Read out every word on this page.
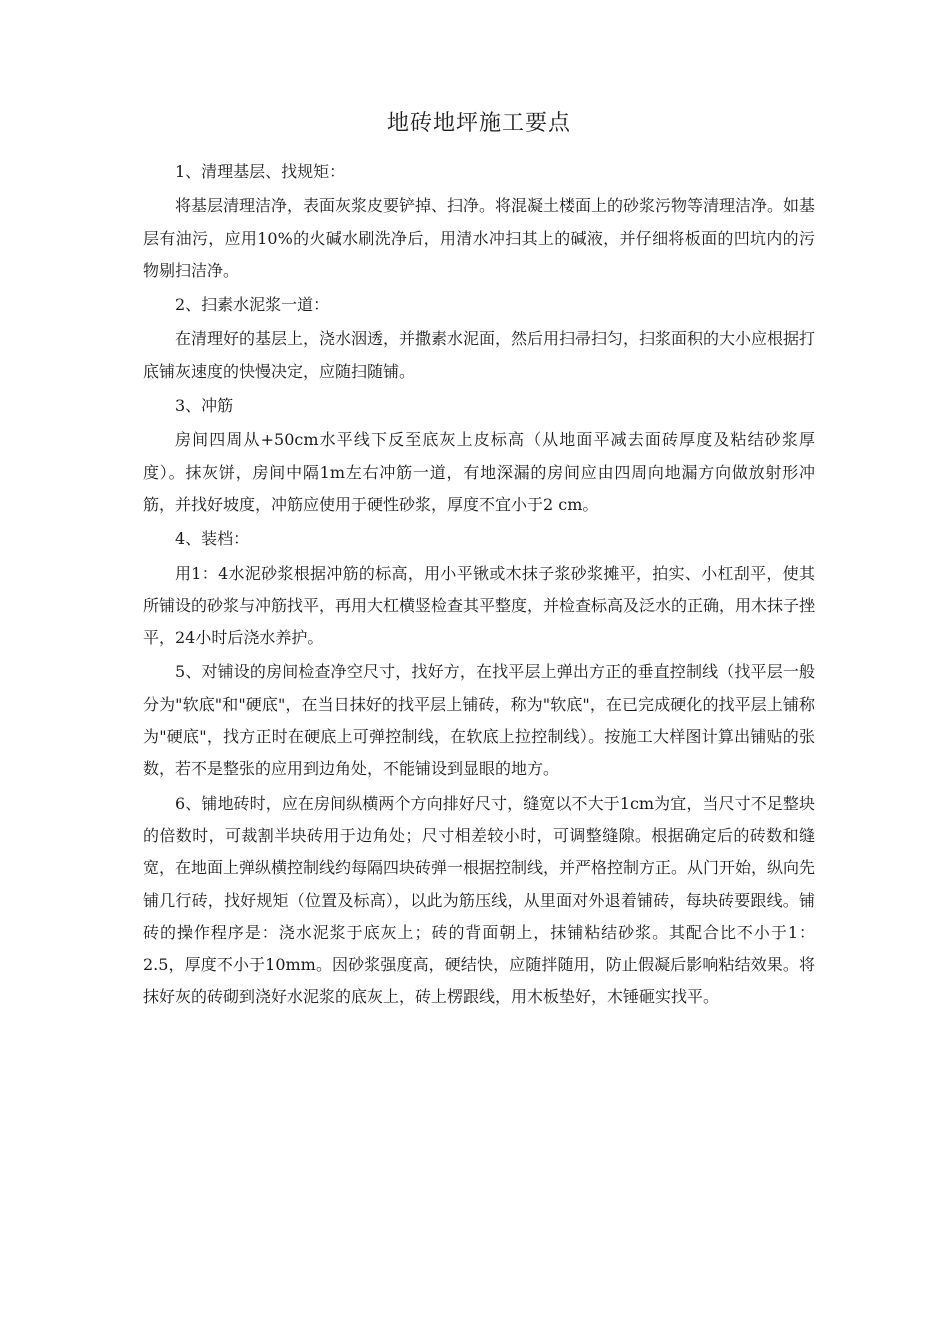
地砖地坪施工要点

1、清理基层、找规矩：

将基层清理洁净，表面灰浆皮要铲掉、扫净。将混凝土楼面上的砂浆污物等清理洁净。如基层有油污，应用10%的火碱水刷洗净后，用清水冲扫其上的碱液，并仔细将板面的凹坑内的污物剔扫洁净。

2、扫素水泥浆一道：

在清理好的基层上，浇水洇透，并撒素水泥面，然后用扫帚扫匀，扫浆面积的大小应根据打底铺灰速度的快慢决定，应随扫随铺。

3、冲筋

房间四周从+50cm水平线下反至底灰上皮标高（从地面平减去面砖厚度及粘结砂浆厚度）。抹灰饼，房间中隔1m左右冲筋一道，有地深漏的房间应由四周向地漏方向做放射形冲筋，并找好坡度，冲筋应使用于硬性砂浆，厚度不宜小于2 cm。

4、装档：

用1：4水泥砂浆根据冲筋的标高，用小平锹或木抹子浆砂浆摊平，拍实、小杠刮平，使其所铺设的砂浆与冲筋找平，再用大杠横竖检查其平整度，并检查标高及泛水的正确，用木抹子挫平，24小时后浇水养护。

5、对铺设的房间检查净空尺寸，找好方，在找平层上弹出方正的垂直控制线（找平层一般分为"软底"和"硬底"，在当日抹好的找平层上铺砖，称为"软底"，在已完成硬化的找平层上铺称为"硬底"，找方正时在硬底上可弹控制线，在软底上拉控制线）。按施工大样图计算出铺贴的张数，若不是整张的应用到边角处，不能铺设到显眼的地方。

6、铺地砖时，应在房间纵横两个方向排好尺寸，缝宽以不大于1cm为宜，当尺寸不足整块的倍数时，可裁割半块砖用于边角处；尺寸相差较小时，可调整缝隙。根据确定后的砖数和缝宽，在地面上弹纵横控制线约每隔四块砖弹一根据控制线，并严格控制方正。从门开始，纵向先铺几行砖，找好规矩（位置及标高），以此为筋压线，从里面对外退着铺砖，每块砖要跟线。铺砖的操作程序是：浇水泥浆于底灰上；砖的背面朝上，抹铺粘结砂浆。其配合比不小于1： 2.5，厚度不小于10mm。因砂浆强度高，硬结快，应随拌随用，防止假凝后影响粘结效果。将抹好灰的砖砌到浇好水泥浆的底灰上，砖上楞跟线，用木板垫好，木锤砸实找平。
